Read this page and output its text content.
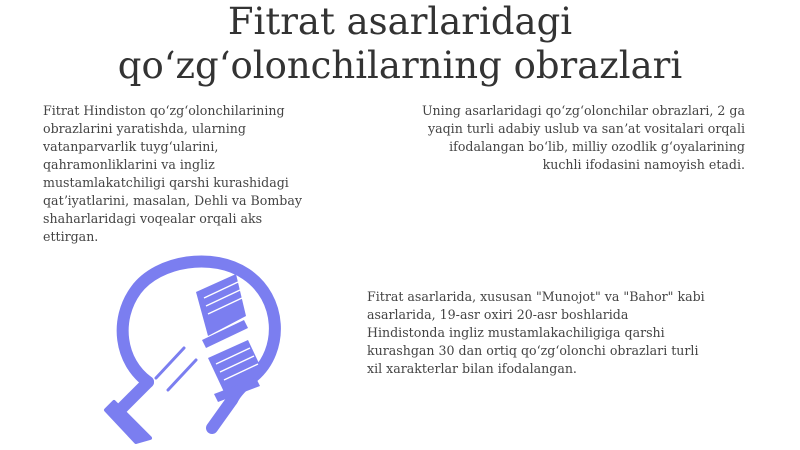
Fitrat asarlaridagi
qoʻzgʻolonchilarning obrazlari
Fitrat Hindiston qoʻzgʻolonchilarining
obrazlarini yaratishda, ularning
vatanparvarlik tuygʻularini,
qahramonliklarini va ingliz
mustamlakatchiligi qarshi kurashidagi
qatʼiyatlarini, masalan, Dehli va Bombay
shaharlaridagi voqealar orqali aks
ettirgan.
Uning asarlaridagi qoʻzgʻolonchilar obrazlari, 2 ga
yaqin turli adabiy uslub va sanʼat vositalari orqali
ifodalangan boʻlib, milliy ozodlik gʻoyalarining
kuchli ifodasini namoyish etadi.
Fitrat asarlarida, xususan "Munojot" va "Bahor" kabi
asarlarida, 19-asr oxiri 20-asr boshlarida
Hindistonda ingliz mustamlakachiligiga qarshi
kurashgan 30 dan ortiq qoʻzgʻolonchi obrazlari turli
xil xarakterlar bilan ifodalangan.
